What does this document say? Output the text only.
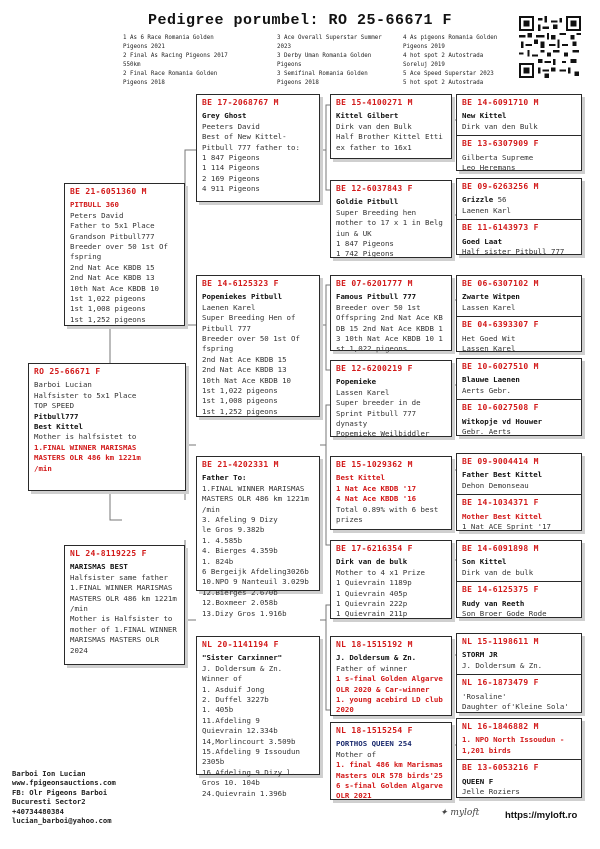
Pedigree porumbel: RO 25-66671 F
1 As 6 Race Romania Golden
Pigeons 2021
2 Final As Racing Pigeons 2017
550km
2 Final Race Romania Golden
Pigeons 2018
3 Ace Overall Superstar Summer
2023
3 Derby Uman Romania Golden
Pigeons
3 Semifinal Romania Golden
Pigeons 2018
4 As pigeons Romania Golden
Pigeons 2019
4 hot spot 2 Autostrada
Soreluj 2019
5 Ace Speed Superstar 2023
5 hot spot 2 Autostrada
RO 25-66671 F
Barboi Lucian
Halfsister to 5x1 Place
TOP SPEED
Pitbull777
Best Kittel
Mother is halfsistet to
1.FINAL WINNER MARISMAS
MASTERS OLR 486 km 1221m
/min
BE 21-6051360 M
PITBULL 360
Peters David
Father to 5x1 Place
Grandson Pitbull777
Breeder over 50 1st Of
fspring
2nd Nat Ace KBDB 15
2nd Nat Ace KBDB 13
10th Nat Ace KBDB 10
1st 1,022 pigeons
1st 1,008 pigeons
1st 1,252 pigeons
NL 24-8119225 F
MARISMAS BEST
Halfsister same father
1.FINAL WINNER MARISMAS
MASTERS OLR 486 km 1221m
/min
Mother is Halfsister to
mother of 1.FINAL WINNER
MARISMAS MASTERS OLR
2024
BE 17-2068767 M
Grey Ghost
Peeters David
Best of New Kittel-
Pitbull 777 father to:
1 847 Pigeons
1 114 Pigeons
2 169 Pigeons
4 911 Pigeons
BE 14-6125323 F
Popemiekes Pitbull
Laenen Karel
Super Breeding Hen of
Pitbull 777
Breeder over 50 1st Of
fspring
2nd Nat Ace KBDB 15
2nd Nat Ace KBDB 13
10th Nat Ace KBDB 10
1st 1,022 pigeons
1st 1,008 pigeons
1st 1,252 pigeons
BE 21-4202331 M
Father To:
1.FINAL WINNER MARISMAS
MASTERS OLR 486 km 1221m
/min
3. Afeling 9 Dizy
le Gros 9.382b
1. 4.585b
4. Bierges 4.359b
1. 824b
6 Bergeijk Afdeling3026b
10.NPO 9 Nanteuil 3.029b
12.Bierges 2.670b
12.Boxmeer 2.058b
13.Dizy Gros 1.916b
NL 20-1141194 F
"Sister Carxinner"
J. Doldersum & Zn.
Winner of
1. Asduif Jong
2. Duffel 3227b
1. 405b
11.Afdeling 9
Quievrain 12.334b
14,Morlincourt 3.509b
15.Afdeling 9 Issoudun
2305b
16.Afdeling 9 Dizy l.
Gros 10. 104b
24.Quievrain 1.396b
BE 15-4100271 M
Kittel Gilbert
Dirk van den Bulk
Half Brother Kittel Etti
ex father to 16x1
BE 12-6037843 F
Goldie Pitbull
Super Breeding hen
mother to 17 x 1 in Belg
iun & UK
1 847 Pigeons
1 742 Pigeons
BE 07-6201777 M
Famous Pitbull 777
Breeder over 50 1st
Offspring 2nd Nat Ace KB
DB 15 2nd Nat Ace KBDB 1
3 10th Nat Ace KBDB 10 1
st 1,022 pigeons
BE 12-6200219 F
Popemieke
Lassen Karel
Super breeder in de
Sprint Pitbull 777
dynasty
Popemieke Weilbiddler
BE 15-1029362 M
Best Kittel
1 Nat Ace KBDB '17
4 Nat Ace KBDB '16
Total 0.89% with 6 best
prizes
BE 17-6216354 F
Dirk van de bulk
Mother to 4 x1 Prize
1 Quievrain 1189p
1 Quievrain 405p
1 Quievrain 222p
1 Quievrain 211p
NL 18-1515192 M
J. Doldersum & Zn.
Father of winner
1 s-final Golden Algarve
OLR 2020 & Car-winner
1. young acebird LD club
2020
NL 18-1515254 F
PORTHOS QUEEN 254
Mother of
1. final 486 km Marismas
Masters OLR 578 birds'25
6 s-final Golden Algarve
OLR 2021
BE 14-6091710 M
New Kittel
Dirk van den Bulk
BE 13-6307909 F
Gilberta Supreme
Leo Heremans
BE 09-6263256 M
Grizzle 56
Laenen Karl
BE 11-6143973 F
Goed Laat
Half sister Pitbull 777
BE 06-6307102 M
Zwarte Witpen
Lassen Karel
BE 04-6393307 F
Het Goed Wit
Lassen Karel
BE 10-6027510 M
Blauwe Laenen
Aerts Gebr.
BE 10-6027508 F
Witkopje vd Houwer
Gebr. Aerts
BE 09-9004414 M
Father Best Kittel
Dehon Demonseau
BE 14-1034371 F
Mother Best Kittel
1 Nat ACE Sprint '17
BE 14-6091898 M
Son Kittel
Dirk van de bulk
BE 14-6125375 F
Rudy van Reeth
Son Broer Gode Rode
NL 15-1198611 M
STORM JR
J. Doldersum & Zn.
NL 16-1873479 F
'Rosaline'
Daughter of'Kleine Sola'
NL 16-1846882 M
1. NPO North Issoudun -
1,201 birds
BE 13-6053216 F
QUEEN F
Jelle Roziers
Barboi Ion Lucian
www.fpigeonsauctions.com
FB: Olr Pigeons Barboi
Bucuresti Sector2
+40734480384
lucian_barboi@yahoo.com
✦ myloft	https://myloft.ro
